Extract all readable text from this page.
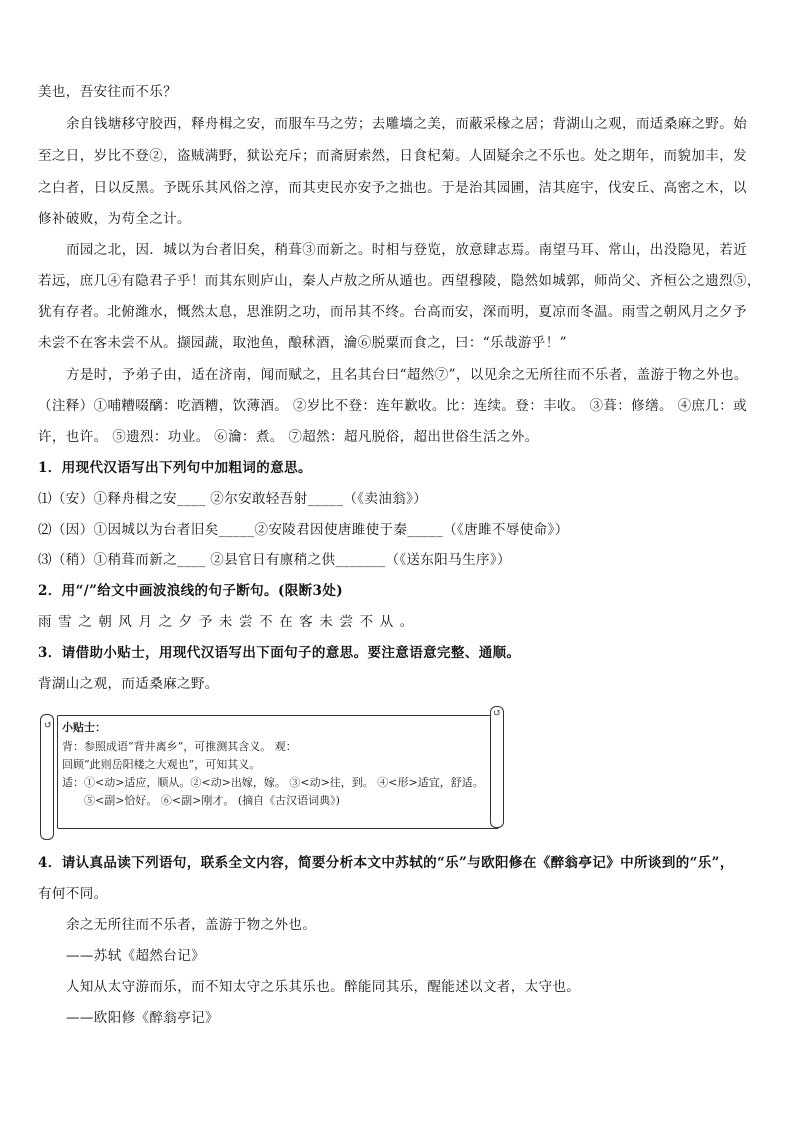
美也，吾安往而不乐？
余自钱塘移守胶西，释舟楫之安，而服车马之劳；去雕墙之美，而蔽采椽之居；背湖山之观，而适桑麻之野。始
至之日，岁比不登②，盗贼满野，狱讼充斥；而斋厨索然，日食杞菊。人固疑余之不乐也。处之期年，而貌加丰，发
之白者，日以反黑。予既乐其风俗之淳，而其吏民亦安予之拙也。于是治其园圃，洁其庭宇，伐安丘、高密之木，以
修补破败，为苟全之计。
而园之北，因．城以为台者旧矣，稍葺③而新之。时相与登览，放意肆志焉。南望马耳、常山，出没隐见，若近
若远，庶几④有隐君子乎！而其东则庐山，秦人卢敖之所从遁也。西望穆陵，隐然如城郭，师尚父、齐桓公之遗烈⑤，
犹有存者。北俯潍水，慨然太息，思淮阴之功，而吊其不终。台高而安，深而明，夏凉而冬温。雨雪之朝风月之夕予
未尝不在客未尝不从。撷园蔬，取池鱼，酿秫酒，瀹⑥脱粟而食之，曰：“乐哉游乎！”
方是时，予弟子由，适在济南，闻而赋之，且名其台曰“超然⑦”，以见余之无所往而不乐者，盖游于物之外也。
（注释）①哺糟啜醨：吃酒糟，饮薄酒。 ②岁比不登：连年歉收。比：连续。登：丰收。 ③葺：修缮。 ④庶几：或
许，也许。 ⑤遗烈：功业。 ⑥瀹：煮。 ⑦超然：超凡脱俗，超出世俗生活之外。
1．用现代汉语写出下列句中加粗词的意思。
⑴（安）①释舟楫之安____ ②尔安敢轻吾射_____（《卖油翁》）
⑵（因）①因城以为台者旧矣_____②安陵君因使唐雎使于秦_____（《唐雎不辱使命》）
⑶（稍）①稍葺而新之____ ②县官日有廪稍之供_______（《送东阳马生序》）
2．用“/”给文中画波浪线的句子断句。(限断3处)
雨雪之朝风月之夕予未尝不在客未尝不从。
3．请借助小贴士，用现代汉语写出下面句子的意思。要注意语意完整、通顺。
背湖山之观，而适桑麻之野。
↺
↺
小贴士：
背：参照成语“背井离乡”，可推测其含义。 观：
回顾“此则岳阳楼之大观也”，可知其义。
适：①<动>适应，顺从。②<动>出嫁，嫁。 ③<动>往，到。 ④<形>适宜，舒适。
⑤<副>恰好。 ⑥<副>刚才。 (摘自《古汉语词典》)
4．请认真品读下列语句，联系全文内容，简要分析本文中苏轼的“乐”与欧阳修在《醉翁亭记》中所谈到的“乐”，
有何不同。
余之无所往而不乐者，盖游于物之外也。
——苏轼《超然台记》
人知从太守游而乐，而不知太守之乐其乐也。醉能同其乐，醒能述以文者，太守也。
——欧阳修《醉翁亭记》
